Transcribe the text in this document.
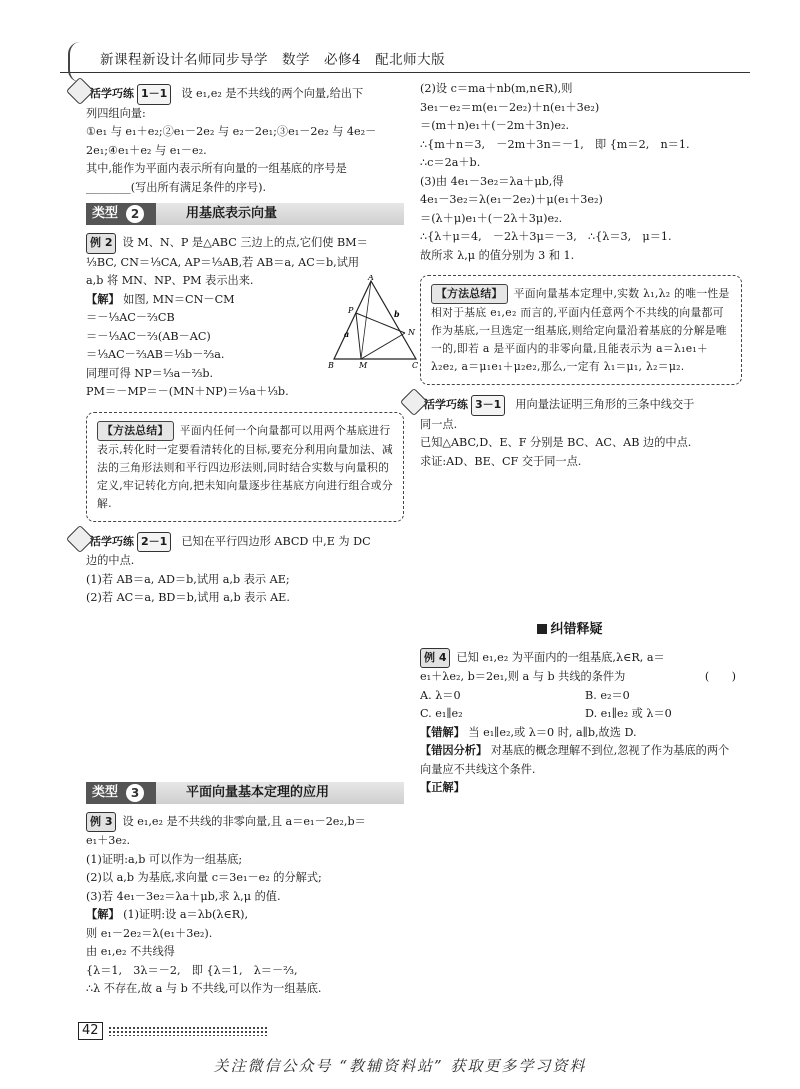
新课程新设计名师同步导学　数学　必修4　配北师大版
活学巧练 1－1 设 e₁,e₂ 是不共线的两个向量,给出下
列四组向量:
①e₁ 与 e₁＋e₂;②e₁－2e₂ 与 e₂－2e₁;③e₁－2e₂ 与 4e₂－
2e₁;④e₁＋e₂ 与 e₁－e₂.
其中,能作为平面内表示所有向量的一组基底的序号是
________(写出所有满足条件的序号).
类型	2	用基底表示向量
例 2 设 M、N、P 是△ABC 三边上的点,它们使 BM＝
⅓BC, CN＝⅓CA, AP＝⅓AB,若 AB＝a, AC＝b,试用
a,b 将 MN、NP、PM 表示出来.
【解】 如图, MN＝CN－CM
＝－⅓AC－⅔CB
＝－⅓AC－⅔(AB－AC)
＝⅓AC－⅔AB＝⅓b－⅔a.
同理可得 NP＝⅓a－⅔b.
PM＝－MP＝－(MN＋NP)＝⅓a＋⅓b.
【方法总结】 平面内任何一个向量都可以用两个基底进行表示,转化时一定要看清转化的目标,要充分利用向量加法、减法的三角形法则和平行四边形法则,同时结合实数与向量积的定义,牢记转化方向,把未知向量逐步往基底方向进行组合或分解.
活学巧练 2－1 已知在平行四边形 ABCD 中,E 为 DC
边的中点.
(1)若 AB＝a, AD＝b,试用 a,b 表示 AE;
(2)若 AC＝a, BD＝b,试用 a,b 表示 AE.
类型	3	平面向量基本定理的应用
例 3 设 e₁,e₂ 是不共线的非零向量,且 a＝e₁－2e₂,b＝
e₁＋3e₂.
(1)证明:a,b 可以作为一组基底;
(2)以 a,b 为基底,求向量 c＝3e₁－e₂ 的分解式;
(3)若 4e₁－3e₂＝λa＋μb,求 λ,μ 的值.
【解】 (1)证明:设 a＝λb(λ∈R),
则 e₁－2e₂＝λ(e₁＋3e₂).
由 e₁,e₂ 不共线得
{λ＝1,　3λ＝－2,　即 {λ＝1,　λ＝－⅔,
∴λ 不存在,故 a 与 b 不共线,可以作为一组基底.
A
P
M
N
B	C
a
b
(2)设 c＝ma＋nb(m,n∈R),则
3e₁－e₂＝m(e₁－2e₂)＋n(e₁＋3e₂)
＝(m＋n)e₁＋(－2m＋3n)e₂.
∴{m＋n＝3,　－2m＋3n＝－1,　即 {m＝2,　n＝1.
∴c＝2a＋b.
(3)由 4e₁－3e₂＝λa＋μb,得
4e₁－3e₂＝λ(e₁－2e₂)＋μ(e₁＋3e₂)
＝(λ＋μ)e₁＋(－2λ＋3μ)e₂.
∴{λ＋μ＝4,　－2λ＋3μ＝－3,　∴{λ＝3,　μ＝1.
故所求 λ,μ 的值分别为 3 和 1.
【方法总结】 平面向量基本定理中,实数 λ₁,λ₂ 的唯一性是相对于基底 e₁,e₂ 而言的,平面内任意两个不共线的向量都可作为基底,一旦选定一组基底,则给定向量沿着基底的分解是唯一的,即若 a 是平面内的非零向量,且能表示为 a＝λ₁e₁＋λ₂e₂, a＝μ₁e₁＋μ₂e₂,那么,一定有 λ₁＝μ₁, λ₂＝μ₂.
活学巧练 3－1 用向量法证明三角形的三条中线交于
同一点.
已知△ABC,D、E、F 分别是 BC、AC、AB 边的中点.
求证:AD、BE、CF 交于同一点.
纠错释疑
例 4 已知 e₁,e₂ 为平面内的一组基底,λ∈R, a＝
e₁＋λe₂, b＝2e₁,则 a 与 b 共线的条件为	(　　)
A. λ＝0	B. e₂＝0
C. e₁∥e₂	D. e₁∥e₂ 或 λ＝0
【错解】 当 e₁∥e₂,或 λ＝0 时, a∥b,故选 D.
【错因分析】 对基底的概念理解不到位,忽视了作为基底的两个向量应不共线这个条件.
【正解】
42
关注微信公众号 “教辅资料站” 获取更多学习资料
